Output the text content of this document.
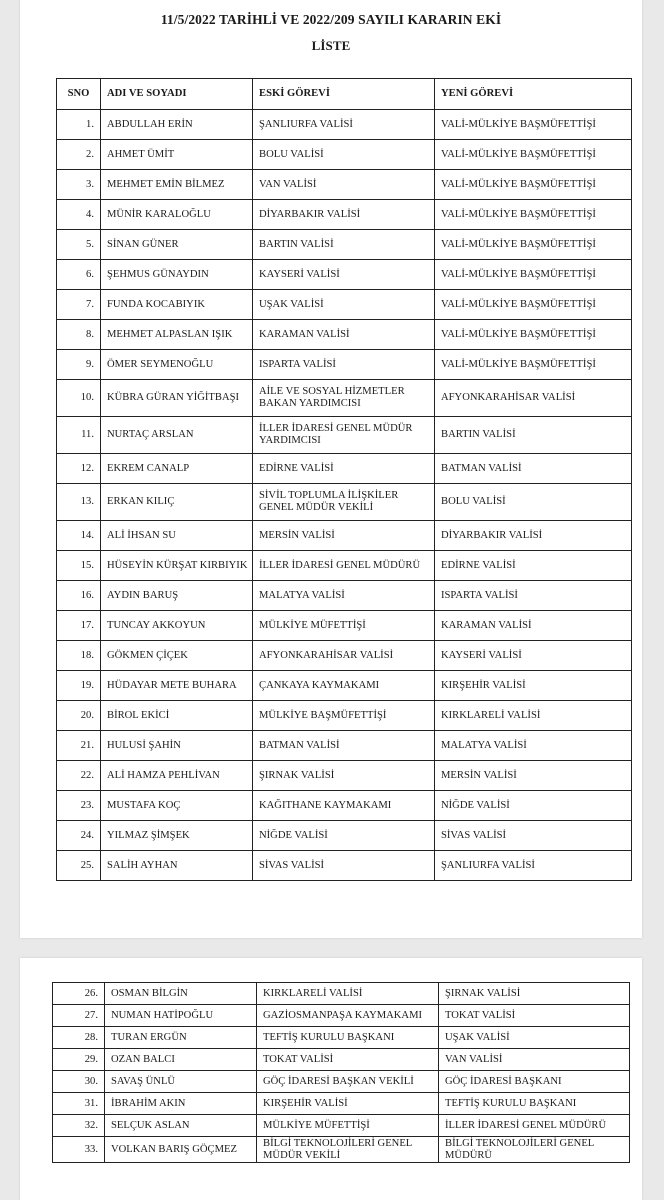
11/5/2022 TARİHLİ VE 2022/209 SAYILI KARARIN EKİ
LİSTE
SNO	ADI VE SOYADI	ESKİ GÖREVİ	YENİ GÖREVİ
1.	ABDULLAH ERİN	ŞANLIURFA VALİSİ	VALİ-MÜLKİYE BAŞMÜFETTİŞİ
2.	AHMET ÜMİT	BOLU VALİSİ	VALİ-MÜLKİYE BAŞMÜFETTİŞİ
3.	MEHMET EMİN BİLMEZ	VAN VALİSİ	VALİ-MÜLKİYE BAŞMÜFETTİŞİ
4.	MÜNİR KARALOĞLU	DİYARBAKIR VALİSİ	VALİ-MÜLKİYE BAŞMÜFETTİŞİ
5.	SİNAN GÜNER	BARTIN VALİSİ	VALİ-MÜLKİYE BAŞMÜFETTİŞİ
6.	ŞEHMUS GÜNAYDIN	KAYSERİ VALİSİ	VALİ-MÜLKİYE BAŞMÜFETTİŞİ
7.	FUNDA KOCABIYIK	UŞAK VALİSİ	VALİ-MÜLKİYE BAŞMÜFETTİŞİ
8.	MEHMET ALPASLAN IŞIK	KARAMAN VALİSİ	VALİ-MÜLKİYE BAŞMÜFETTİŞİ
9.	ÖMER SEYMENOĞLU	ISPARTA VALİSİ	VALİ-MÜLKİYE BAŞMÜFETTİŞİ
10.	KÜBRA GÜRAN YİĞİTBAŞI	AİLE VE SOSYAL HİZMETLER BAKAN YARDIMCISI	AFYONKARAHİSAR VALİSİ
11.	NURTAÇ ARSLAN	İLLER İDARESİ GENEL MÜDÜR YARDIMCISI	BARTIN VALİSİ
12.	EKREM CANALP	EDİRNE VALİSİ	BATMAN VALİSİ
13.	ERKAN KILIÇ	SİVİL TOPLUMLA İLİŞKİLER GENEL MÜDÜR VEKİLİ	BOLU VALİSİ
14.	ALİ İHSAN SU	MERSİN VALİSİ	DİYARBAKIR VALİSİ
15.	HÜSEYİN KÜRŞAT KIRBIYIK	İLLER İDARESİ GENEL MÜDÜRÜ	EDİRNE VALİSİ
16.	AYDIN BARUŞ	MALATYA VALİSİ	ISPARTA VALİSİ
17.	TUNCAY AKKOYUN	MÜLKİYE MÜFETTİŞİ	KARAMAN VALİSİ
18.	GÖKMEN ÇİÇEK	AFYONKARAHİSAR VALİSİ	KAYSERİ VALİSİ
19.	HÜDAYAR METE BUHARA	ÇANKAYA KAYMAKAMI	KIRŞEHİR VALİSİ
20.	BİROL EKİCİ	MÜLKİYE BAŞMÜFETTİŞİ	KIRKLARELİ VALİSİ
21.	HULUSİ ŞAHİN	BATMAN VALİSİ	MALATYA VALİSİ
22.	ALİ HAMZA PEHLİVAN	ŞIRNAK VALİSİ	MERSİN VALİSİ
23.	MUSTAFA KOÇ	KAĞITHANE KAYMAKAMI	NİĞDE VALİSİ
24.	YILMAZ ŞİMŞEK	NİĞDE VALİSİ	SİVAS VALİSİ
25.	SALİH AYHAN	SİVAS VALİSİ	ŞANLIURFA VALİSİ
26.	OSMAN BİLGİN	KIRKLARELİ VALİSİ	ŞIRNAK VALİSİ
27.	NUMAN HATİPOĞLU	GAZİOSMANPAŞA KAYMAKAMI	TOKAT VALİSİ
28.	TURAN ERGÜN	TEFTİŞ KURULU BAŞKANI	UŞAK VALİSİ
29.	OZAN BALCI	TOKAT VALİSİ	VAN VALİSİ
30.	SAVAŞ ÜNLÜ	GÖÇ İDARESİ BAŞKAN VEKİLİ	GÖÇ İDARESİ BAŞKANI
31.	İBRAHİM AKIN	KIRŞEHİR VALİSİ	TEFTİŞ KURULU BAŞKANI
32.	SELÇUK ASLAN	MÜLKİYE MÜFETTİŞİ	İLLER İDARESİ GENEL MÜDÜRÜ
33.	VOLKAN BARIŞ GÖÇMEZ	BİLGİ TEKNOLOJİLERİ GENEL MÜDÜR VEKİLİ	BİLGİ TEKNOLOJİLERİ GENEL MÜDÜRÜ
